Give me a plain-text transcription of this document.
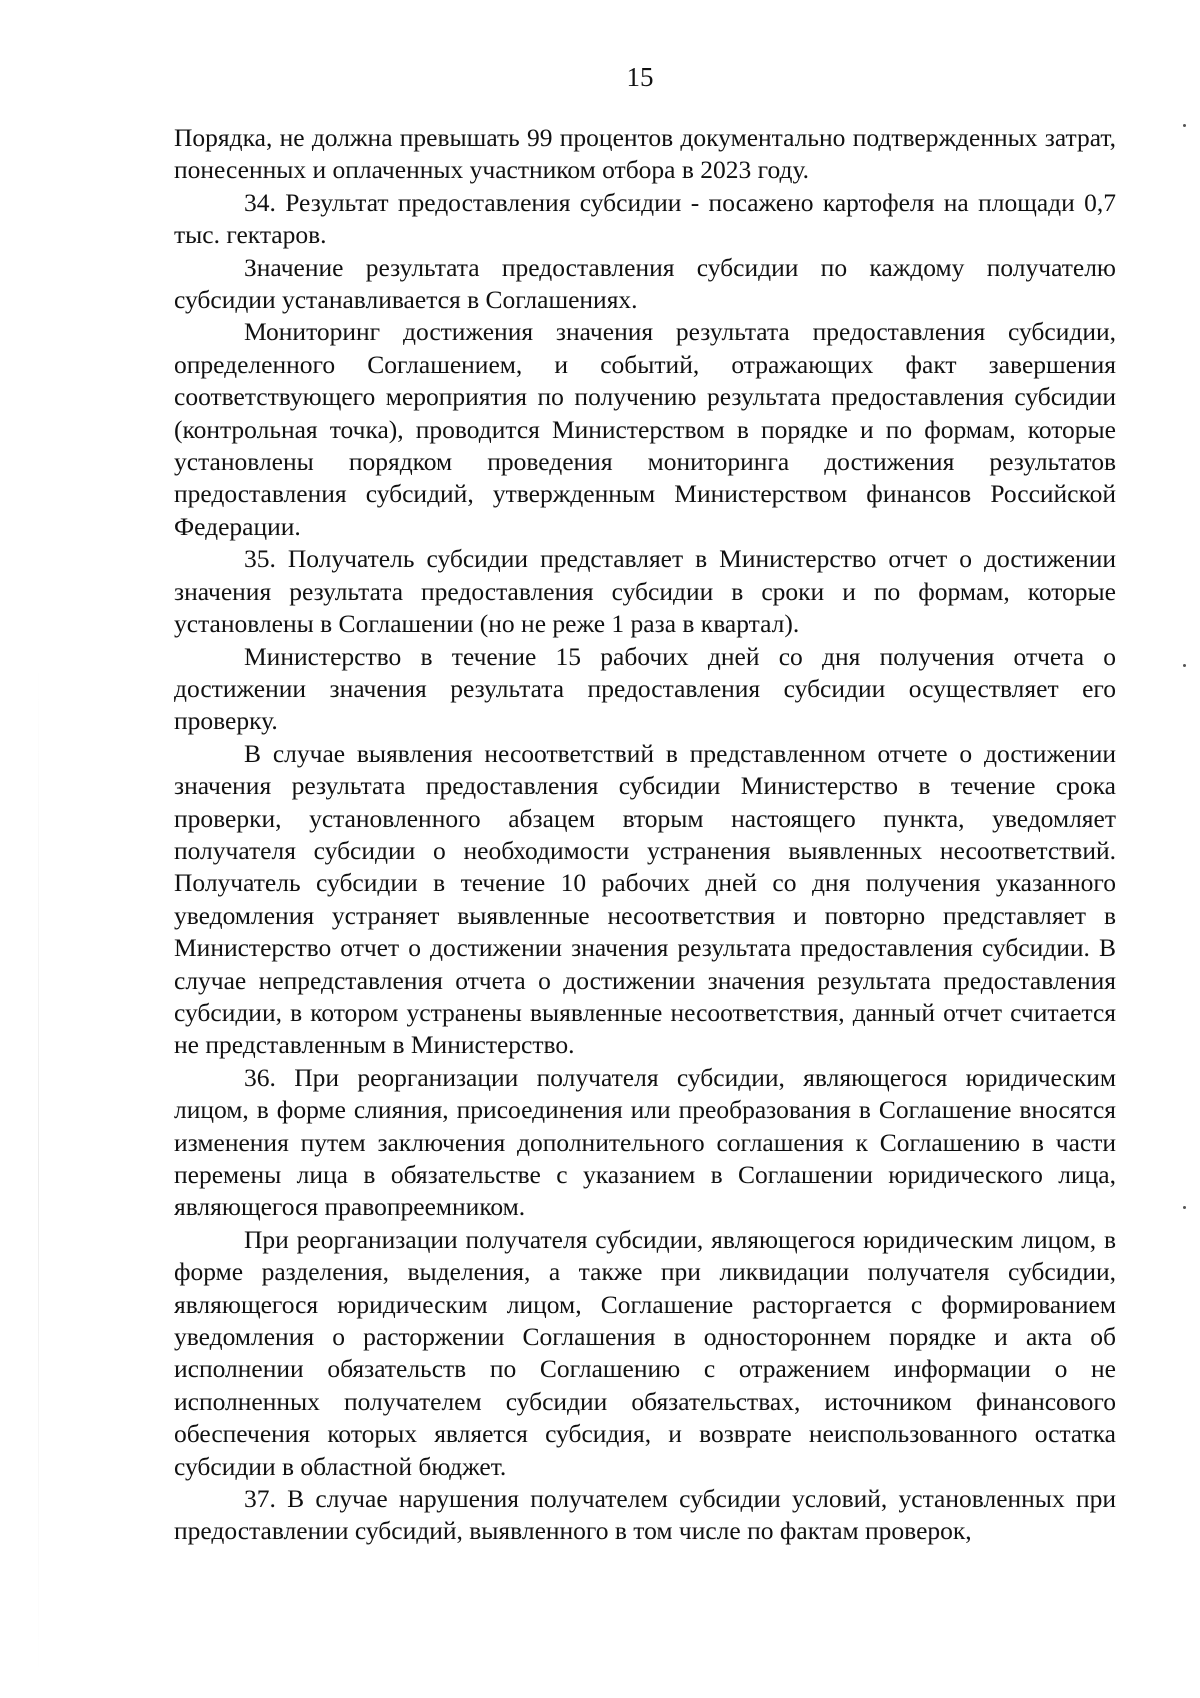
15

Порядка, не должна превышать 99 процентов документально подтвержденных затрат, понесенных и оплаченных участником отбора в 2023 году.

34. Результат предоставления субсидии - посажено картофеля на площади 0,7 тыс. гектаров.

Значение результата предоставления субсидии по каждому получателю субсидии устанавливается в Соглашениях.

Мониторинг достижения значения результата предоставления субсидии, определенного Соглашением, и событий, отражающих факт завершения соответствующего мероприятия по получению результата предоставления субсидии (контрольная точка), проводится Министерством в порядке и по формам, которые установлены порядком проведения мониторинга достижения результатов предоставления субсидий, утвержденным Министерством финансов Российской Федерации.

35. Получатель субсидии представляет в Министерство отчет о достижении значения результата предоставления субсидии в сроки и по формам, которые установлены в Соглашении (но не реже 1 раза в квартал).

Министерство в течение 15 рабочих дней со дня получения отчета о достижении значения результата предоставления субсидии осуществляет его проверку.

В случае выявления несоответствий в представленном отчете о достижении значения результата предоставления субсидии Министерство в течение срока проверки, установленного абзацем вторым настоящего пункта, уведомляет получателя субсидии о необходимости устранения выявленных несоответствий. Получатель субсидии в течение 10 рабочих дней со дня получения указанного уведомления устраняет выявленные несоответствия и повторно представляет в Министерство отчет о достижении значения результата предоставления субсидии. В случае непредставления отчета о достижении значения результата предоставления субсидии, в котором устранены выявленные несоответствия, данный отчет считается не представленным в Министерство.

36. При реорганизации получателя субсидии, являющегося юридическим лицом, в форме слияния, присоединения или преобразования в Соглашение вносятся изменения путем заключения дополнительного соглашения к Соглашению в части перемены лица в обязательстве с указанием в Соглашении юридического лица, являющегося правопреемником.

При реорганизации получателя субсидии, являющегося юридическим лицом, в форме разделения, выделения, а также при ликвидации получателя субсидии, являющегося юридическим лицом, Соглашение расторгается с формированием уведомления о расторжении Соглашения в одностороннем порядке и акта об исполнении обязательств по Соглашению с отражением информации о не исполненных получателем субсидии обязательствах, источником финансового обеспечения которых является субсидия, и возврате неиспользованного остатка субсидии в областной бюджет.

37. В случае нарушения получателем субсидии условий, установленных при предоставлении субсидий, выявленного в том числе по фактам проверок,
